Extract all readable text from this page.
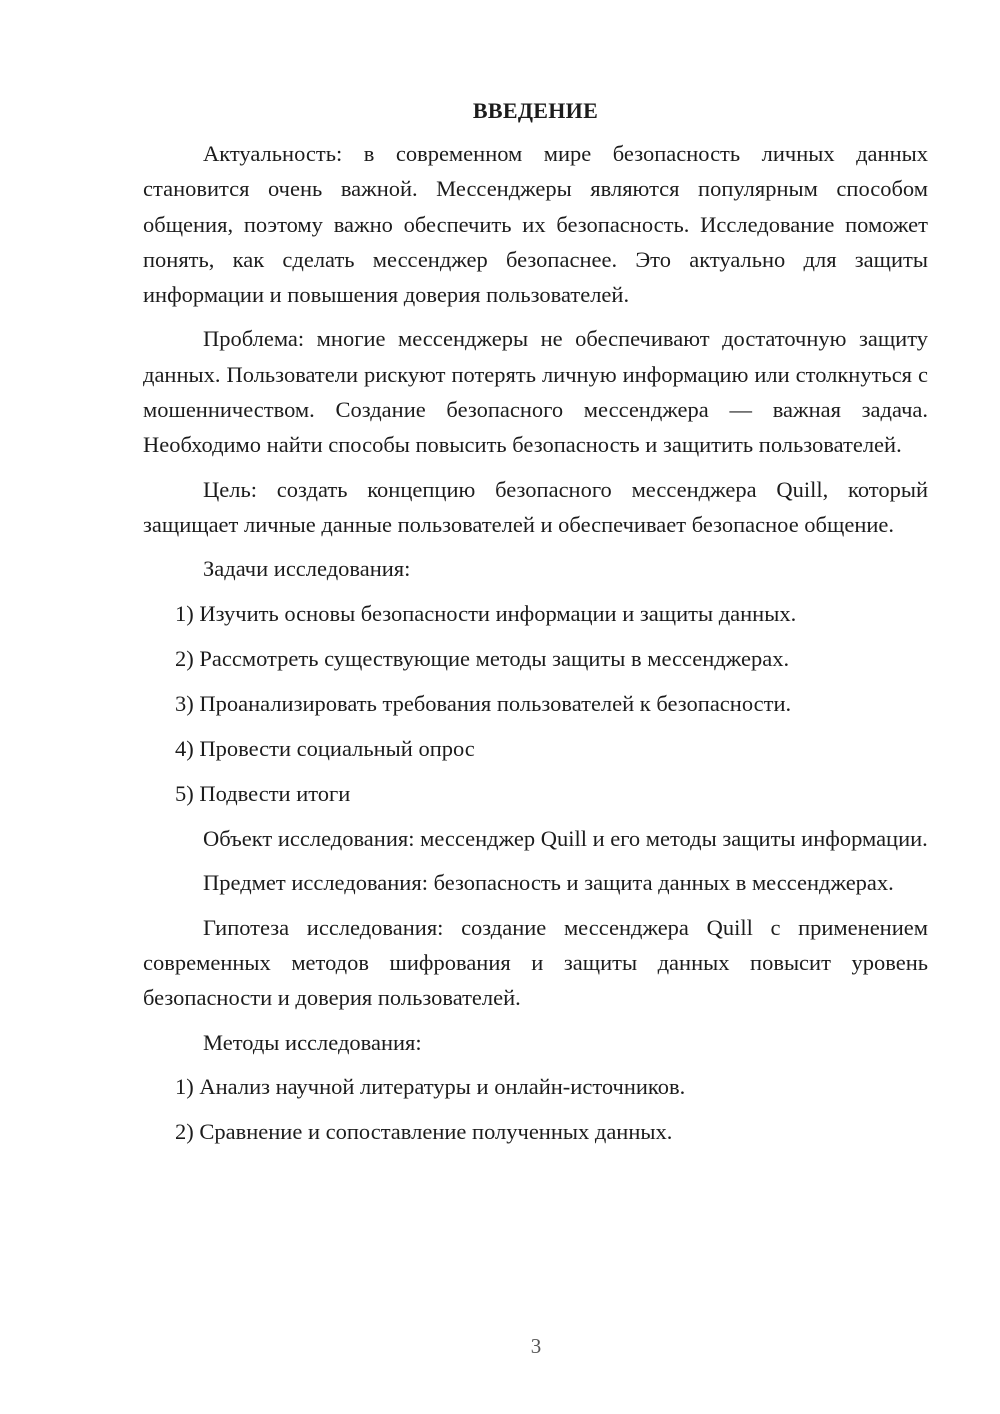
ВВЕДЕНИЕ

Актуальность: в современном мире безопасность личных данных становится очень важной. Мессенджеры являются популярным способом общения, поэтому важно обеспечить их безопасность. Исследование поможет понять, как сделать мессенджер безопаснее. Это актуально для защиты информации и повышения доверия пользователей.

Проблема: многие мессенджеры не обеспечивают достаточную защиту данных. Пользователи рискуют потерять личную информацию или столкнуться с мошенничеством. Создание безопасного мессенджера — важная задача. Необходимо найти способы повысить безопасность и защитить пользователей.

Цель: создать концепцию безопасного мессенджера Quill, который защищает личные данные пользователей и обеспечивает безопасное общение.

Задачи исследования:

1) Изучить основы безопасности информации и защиты данных.
2) Рассмотреть существующие методы защиты в мессенджерах.
3) Проанализировать требования пользователей к безопасности.
4) Провести социальный опрос
5) Подвести итоги

Объект исследования: мессенджер Quill и его методы защиты информации.

Предмет исследования: безопасность и защита данных в мессенджерах.

Гипотеза исследования: создание мессенджера Quill с применением современных методов шифрования и защиты данных повысит уровень безопасности и доверия пользователей.

Методы исследования:

1) Анализ научной литературы и онлайн-источников.
2) Сравнение и сопоставление полученных данных.
3
